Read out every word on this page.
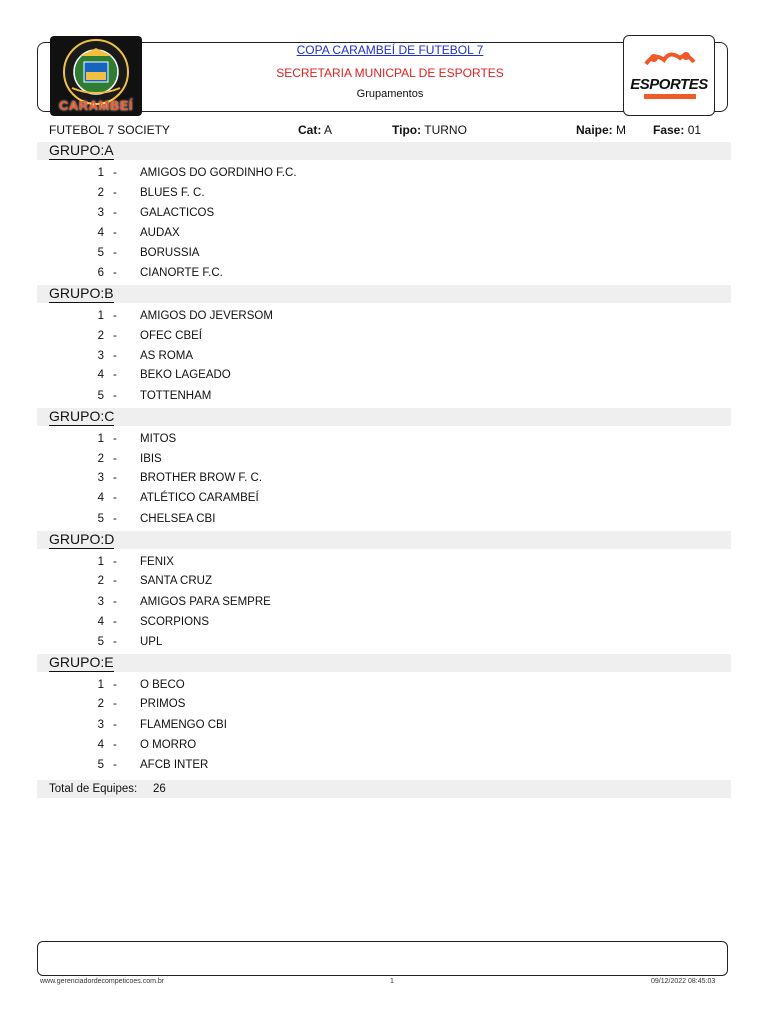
CARAMBEÍ
COPA CARAMBEÍ DE FUTEBOL 7
SECRETARIA MUNICPAL DE ESPORTES
Grupamentos
ESPORTES
FUTEBOL 7 SOCIETY	Cat: A	Tipo: TURNO	Naipe: M Fase: 01
GRUPO:A
1 - AMIGOS DO GORDINHO F.C.
2 - BLUES F. C.
3 - GALACTICOS
4 - AUDAX
5 - BORUSSIA
6 - CIANORTE F.C.
GRUPO:B
1 - AMIGOS DO JEVERSOM
2 - OFEC CBEÍ
3 - AS ROMA
4 - BEKO LAGEADO
5 - TOTTENHAM
GRUPO:C
1 - MITOS
2 - IBIS
3 - BROTHER BROW F. C.
4 - ATLÉTICO CARAMBEÍ
5 - CHELSEA CBI
GRUPO:D
1 - FENIX
2 - SANTA CRUZ
3 - AMIGOS PARA SEMPRE
4 - SCORPIONS
5 - UPL
GRUPO:E
1 - O BECO
2 - PRIMOS
3 - FLAMENGO CBI
4 - O MORRO
5 - AFCB INTER
Total de Equipes: 26
www.gerenciadordecompeticoes.com.br	1	09/12/2022 08:45:03
